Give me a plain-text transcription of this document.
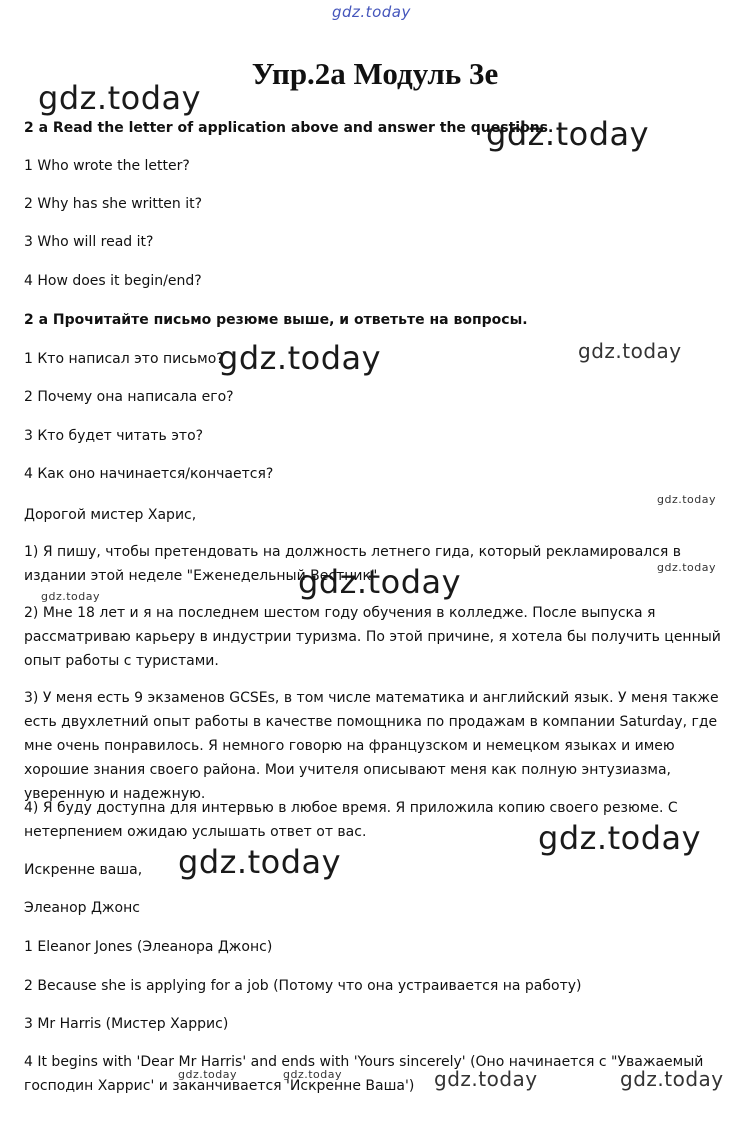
gdz.today
gdz.today
gdz.today
gdz.today	gdz.today
gdz.today
gdz.today
gdz.today
gdz.today
gdz.today
gdz.today
gdz.today	gdz.today	gdz.today	gdz.today
Упр.2а Модуль 3е
2 a Read the letter of application above and answer the questions.
1 Who wrote the letter?
2 Why has she written it?
3 Who will read it?
4 How does it begin/end?
2 а Прочитайте письмо резюме выше, и ответьте на вопросы.
1 Кто написал это письмо?
2 Почему она написала его?
3 Кто будет читать это?
4 Как оно начинается/кончается?
Дорогой мистер Харис,
1) Я пишу, чтобы претендовать на должность летнего гида, который рекламировался в издании этой неделе "Еженедельный Вестник"
2) Мне 18 лет и я на последнем шестом году обучения в колледже. После выпуска я рассматриваю карьеру в индустрии туризма. По этой причине, я хотела бы получить ценный опыт работы с туристами.
3) У меня есть 9 экзаменов GCSEs, в том числе математика и английский язык. У меня также есть двухлетний опыт работы в качестве помощника по продажам в компании Saturday, где мне очень понравилось. Я немного говорю на французском и немецком языках и имею хорошие знания своего района. Мои учителя описывают меня как полную энтузиазма, уверенную и надежную.
4) Я буду доступна для интервью в любое время. Я приложила копию своего резюме. С нетерпением ожидаю услышать ответ от вас.
Искренне ваша,
Элеанор Джонс
1 Eleanor Jones (Элеанора Джонс)
2 Because she is applying for a job (Потому что она устраивается на работу)
3 Mr Harris (Мистер Харрис)
4 It begins with 'Dear Mr Harris' and ends with 'Yours sincerely' (Оно начинается с "Уважаемый господин Харрис' и заканчивается 'Искренне Ваша')
